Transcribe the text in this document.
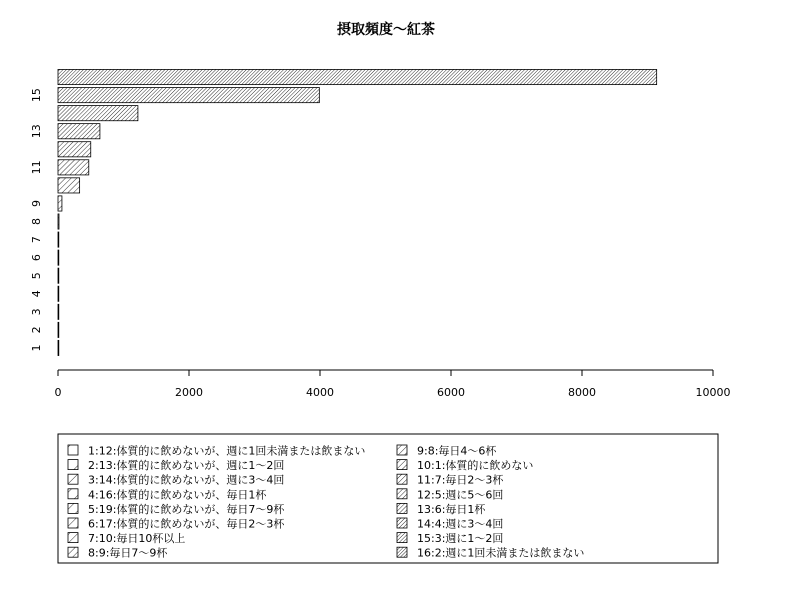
摂取頻度～紅茶
0	2000	4000	6000	8000	10000
1
2
3
4
5
6
7
8
9
11
13
15
1:12:体質的に飲めないが、週に1回未満または飲まない
2:13:体質的に飲めないが、週に1～2回
3:14:体質的に飲めないが、週に3～4回
4:16:体質的に飲めないが、毎日1杯
5:19:体質的に飲めないが、毎日7～9杯
6:17:体質的に飲めないが、毎日2～3杯
7:10:毎日10杯以上
8:9:毎日7～9杯
9:8:毎日4～6杯
10:1:体質的に飲めない
11:7:毎日2～3杯
12:5:週に5～6回
13:6:毎日1杯
14:4:週に3～4回
15:3:週に1～2回
16:2:週に1回未満または飲まない
